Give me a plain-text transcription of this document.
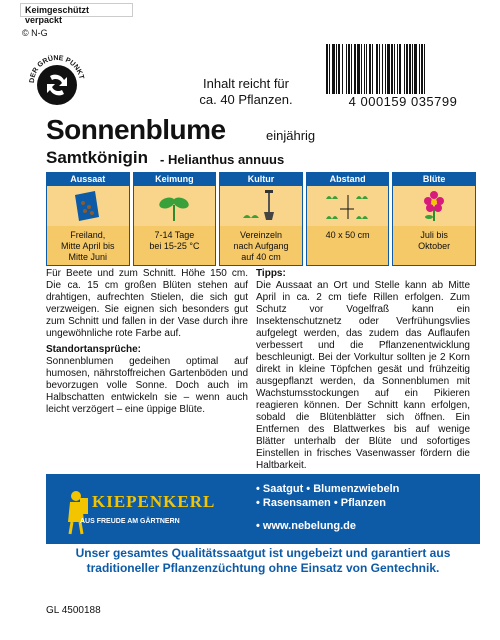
Keimgeschützt verpackt
© N-G
DER GRÜNE PUNKT	Inhalt reicht für
ca. 40 Pflanzen.	4 000159 035799
Sonnenblume	einjährig
Samtkönigin - Helianthus annuus
Aussaat
Freiland,
Mitte April bis
Mitte Juni
Keimung
7-14 Tage
bei 15-25 °C
Kultur
Vereinzeln
nach Aufgang
auf 40 cm
Abstand
40 x 50 cm
Blüte
Juli bis
Oktober
Für Beete und zum Schnitt. Höhe 150 cm. Die ca. 15 cm großen Blüten stehen auf drahtigen, aufrechten Stielen, die sich gut verzweigen. Sie eignen sich besonders gut zum Schnitt und fallen in der Vase durch ihre ungewöhnliche rote Farbe auf.
Standortansprüche:
Sonnenblumen gedeihen optimal auf humosen, nährstoffreichen Gartenböden und bevorzugen volle Sonne. Doch auch im Halbschatten entwickeln sie – wenn auch leicht verzögert – eine üppige Blüte.
Tipps:
Die Aussaat an Ort und Stelle kann ab Mitte April in ca. 2 cm tiefe Rillen erfolgen. Zum Schutz vor Vogelfraß kann ein Insektenschutznetz oder Verfrühungsvlies aufgelegt werden, das zudem das Auflaufen verbessert und die Pflanzenentwicklung beschleunigt. Bei der Vorkultur sollten je 2 Korn direkt in kleine Töpfchen gesät und frühzeitig ausgepflanzt werden, da Sonnenblumen mit Wachstumsstockungen auf ein Pikieren reagieren können. Der Schnitt kann erfolgen, sobald die Blütenblätter sich öffnen. Ein Entfernen des Blattwerkes bis auf wenige Blätter unterhalb der Blüte und sofortiges Einstellen in frisches Vasenwasser fördern die Haltbarkeit.
KIEPENKERL
AUS FREUDE AM GÄRTNERN
• Saatgut • Blumenzwiebeln
• Rasensamen • Pflanzen
• www.nebelung.de
Unser gesamtes Qualitätssaatgut ist ungebeizt und garantiert aus traditioneller Pflanzenzüchtung ohne Einsatz von Gentechnik.
GL 4500188
